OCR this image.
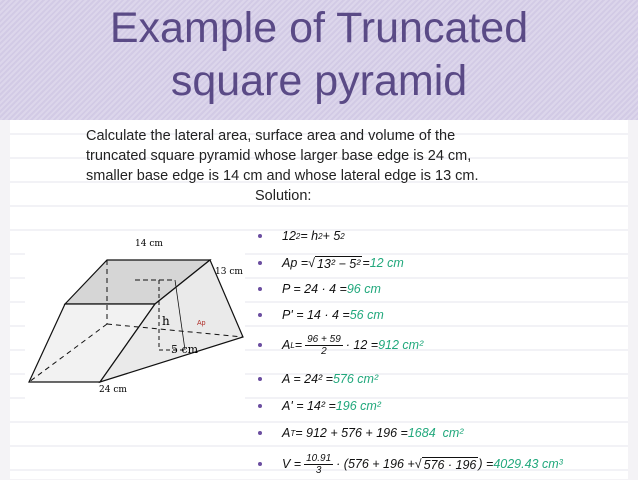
Example of Truncated
square pyramid
Calculate the lateral area, surface area and volume of the
truncated square pyramid whose larger base edge is 24 cm,
smaller base edge is 14 cm and whose lateral edge is 13 cm.
Solution:
14 cm
13 cm
h	Ap
5 cm
24 cm
12 2 = h 2 + 5 2
Ap = √ 13² − 5² = 12 cm
P = 24 · 4 = 96 cm
P' = 14 · 4 = 56 cm
A $L = \frac{96 + 59}{2} \cdot 12 = 912$ cm²
A = 24² = 576 cm²
A' = 14² = 196 cm²
A T = 912 + 576 + 196 = 1684
cm²
$V = \frac{10.91}{3} \cdot (576 + 196$ + √ 576 · 196 ) = 4029.43 cm³
